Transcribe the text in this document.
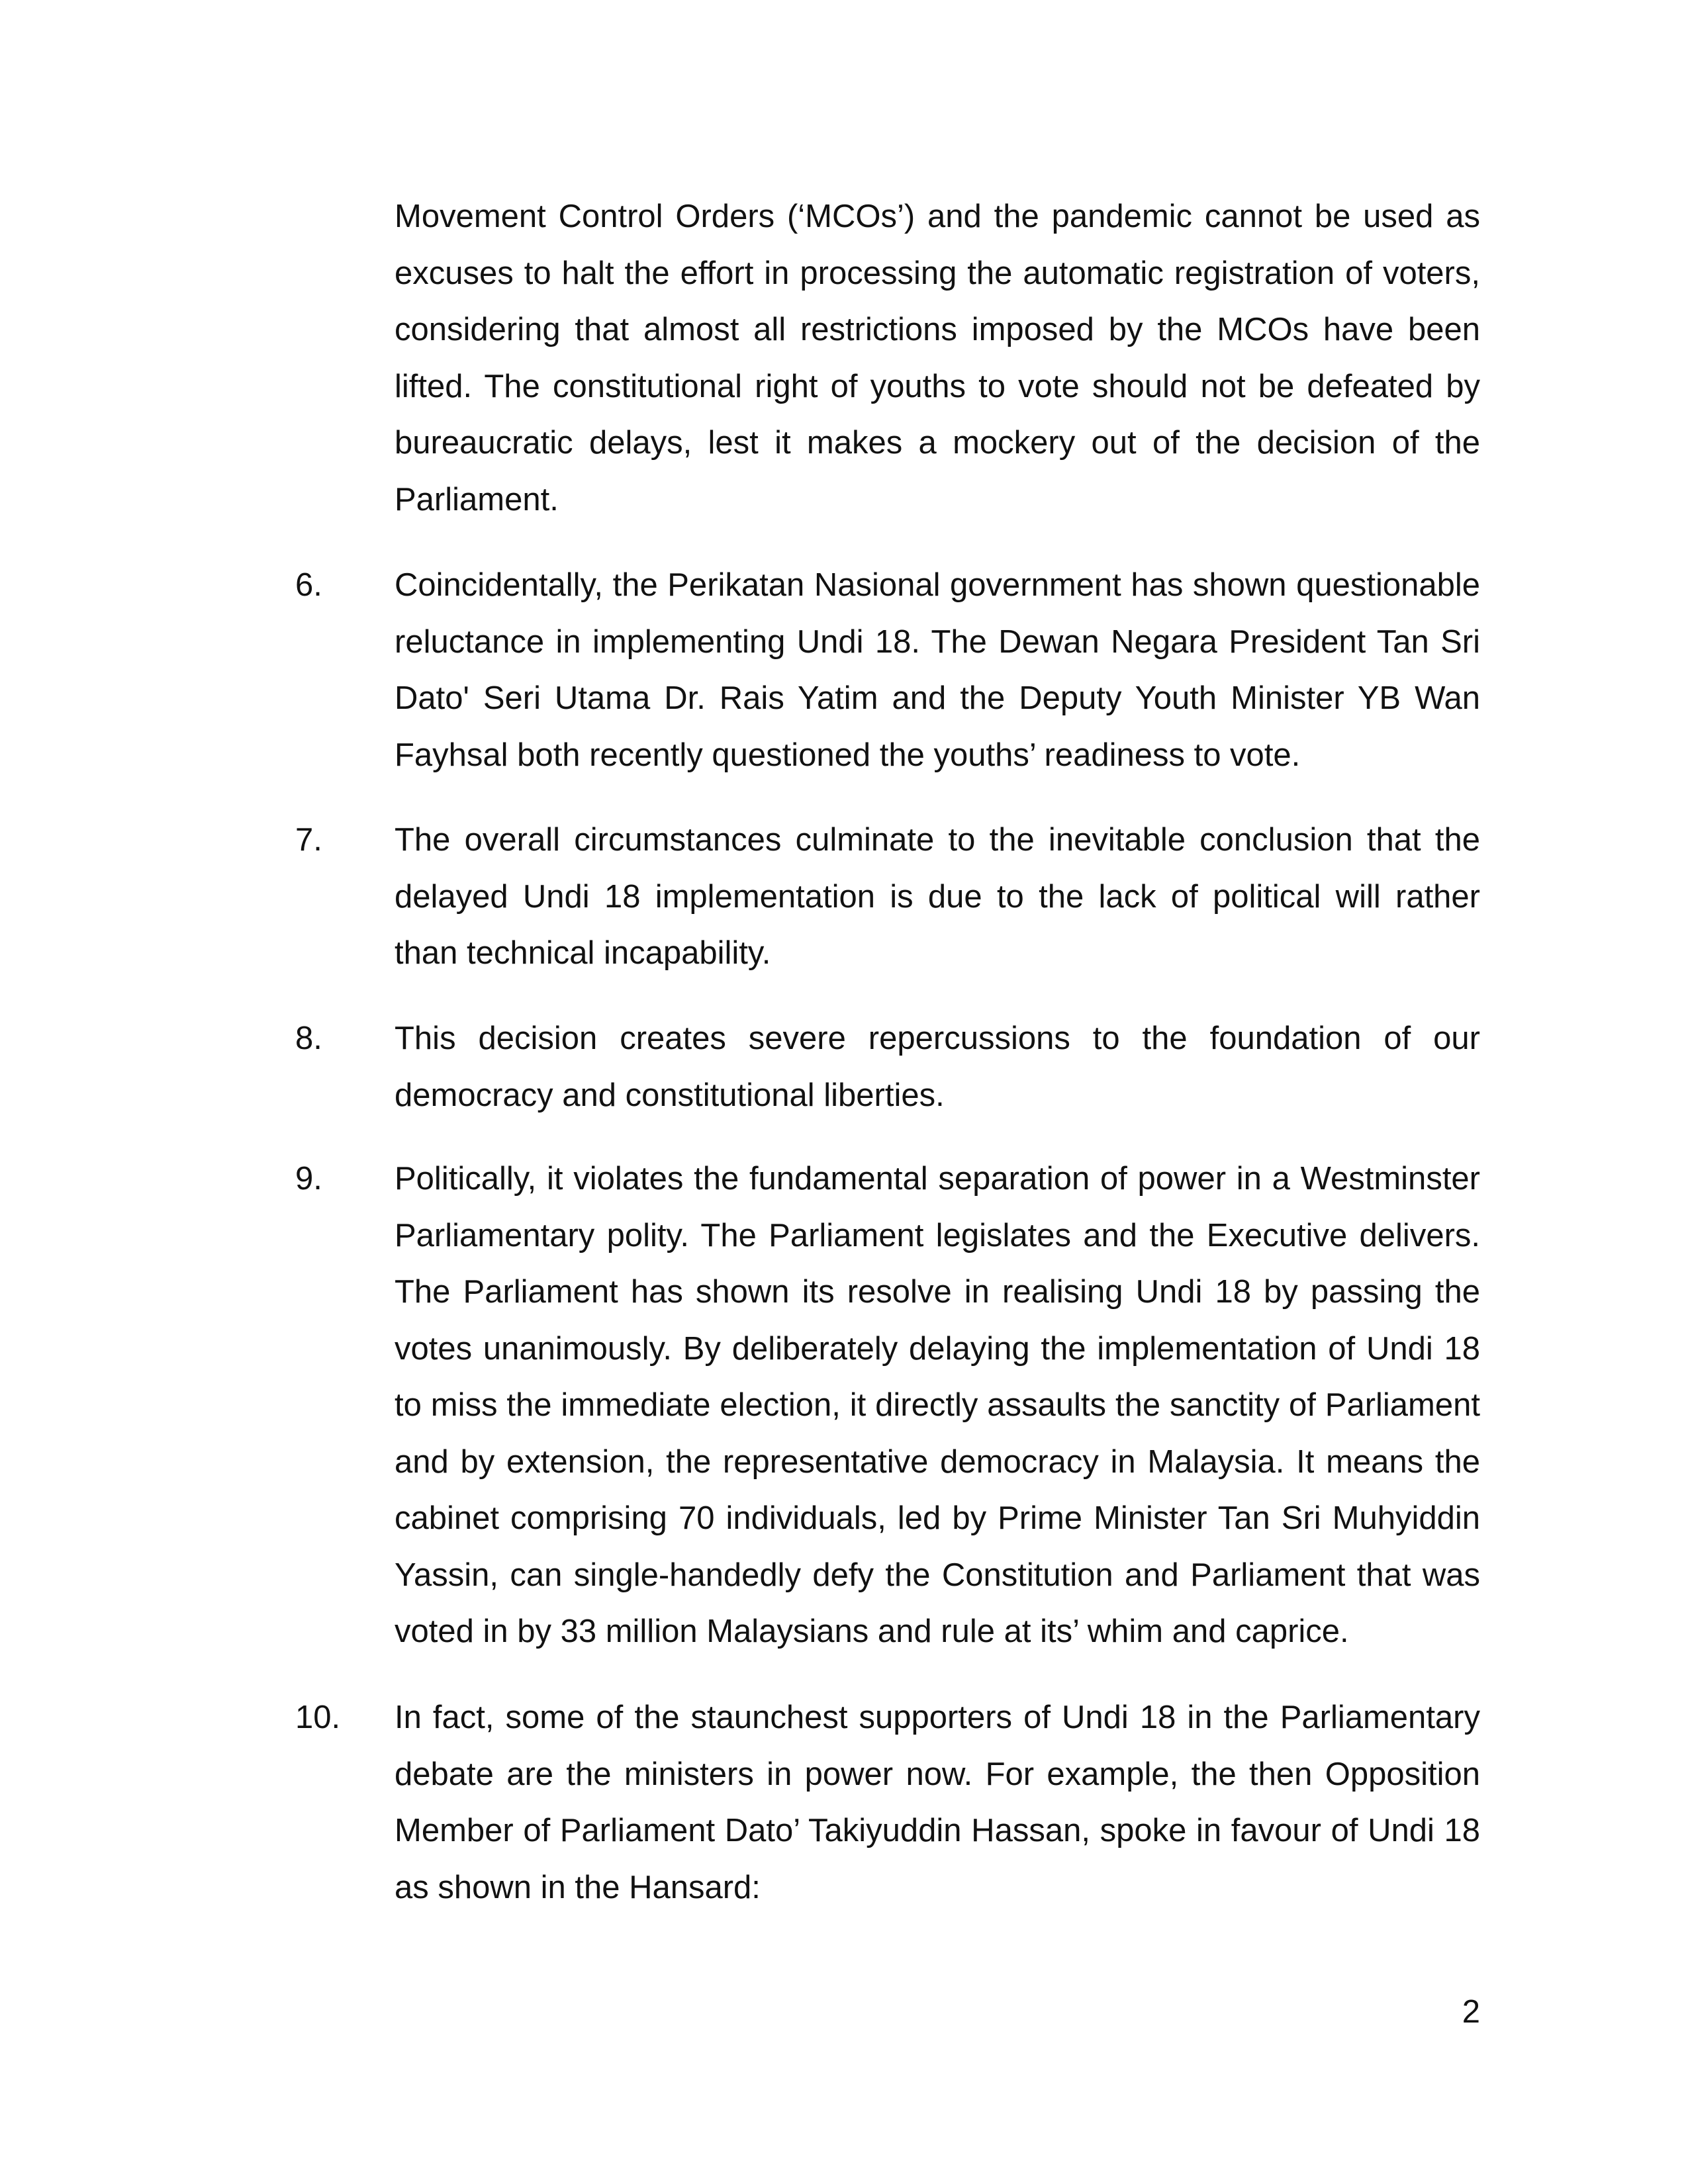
Movement Control Orders (‘MCOs’) and the pandemic cannot be used as excuses to halt the effort in processing the automatic registration of voters, considering that almost all restrictions imposed by the MCOs have been lifted. The constitutional right of youths to vote should not be defeated by bureaucratic delays, lest it makes a mockery out of the decision of the Parliament.

6. Coincidentally, the Perikatan Nasional government has shown questionable reluctance in implementing Undi 18. The Dewan Negara President Tan Sri Dato' Seri Utama Dr. Rais Yatim and the Deputy Youth Minister YB Wan Fayhsal both recently questioned the youths’ readiness to vote.

7. The overall circumstances culminate to the inevitable conclusion that the delayed Undi 18 implementation is due to the lack of political will rather than technical incapability.

8. This decision creates severe repercussions to the foundation of our democracy and constitutional liberties.

9. Politically, it violates the fundamental separation of power in a Westminster Parliamentary polity. The Parliament legislates and the Executive delivers. The Parliament has shown its resolve in realising Undi 18 by passing the votes unanimously. By deliberately delaying the implementation of Undi 18 to miss the immediate election, it directly assaults the sanctity of Parliament and by extension, the representative democracy in Malaysia. It means the cabinet comprising 70 individuals, led by Prime Minister Tan Sri Muhyiddin Yassin, can single-handedly defy the Constitution and Parliament that was voted in by 33 million Malaysians and rule at its’ whim and caprice.

10. In fact, some of the staunchest supporters of Undi 18 in the Parliamentary debate are the ministers in power now. For example, the then Opposition Member of Parliament Dato’ Takiyuddin Hassan, spoke in favour of Undi 18 as shown in the Hansard:

2
